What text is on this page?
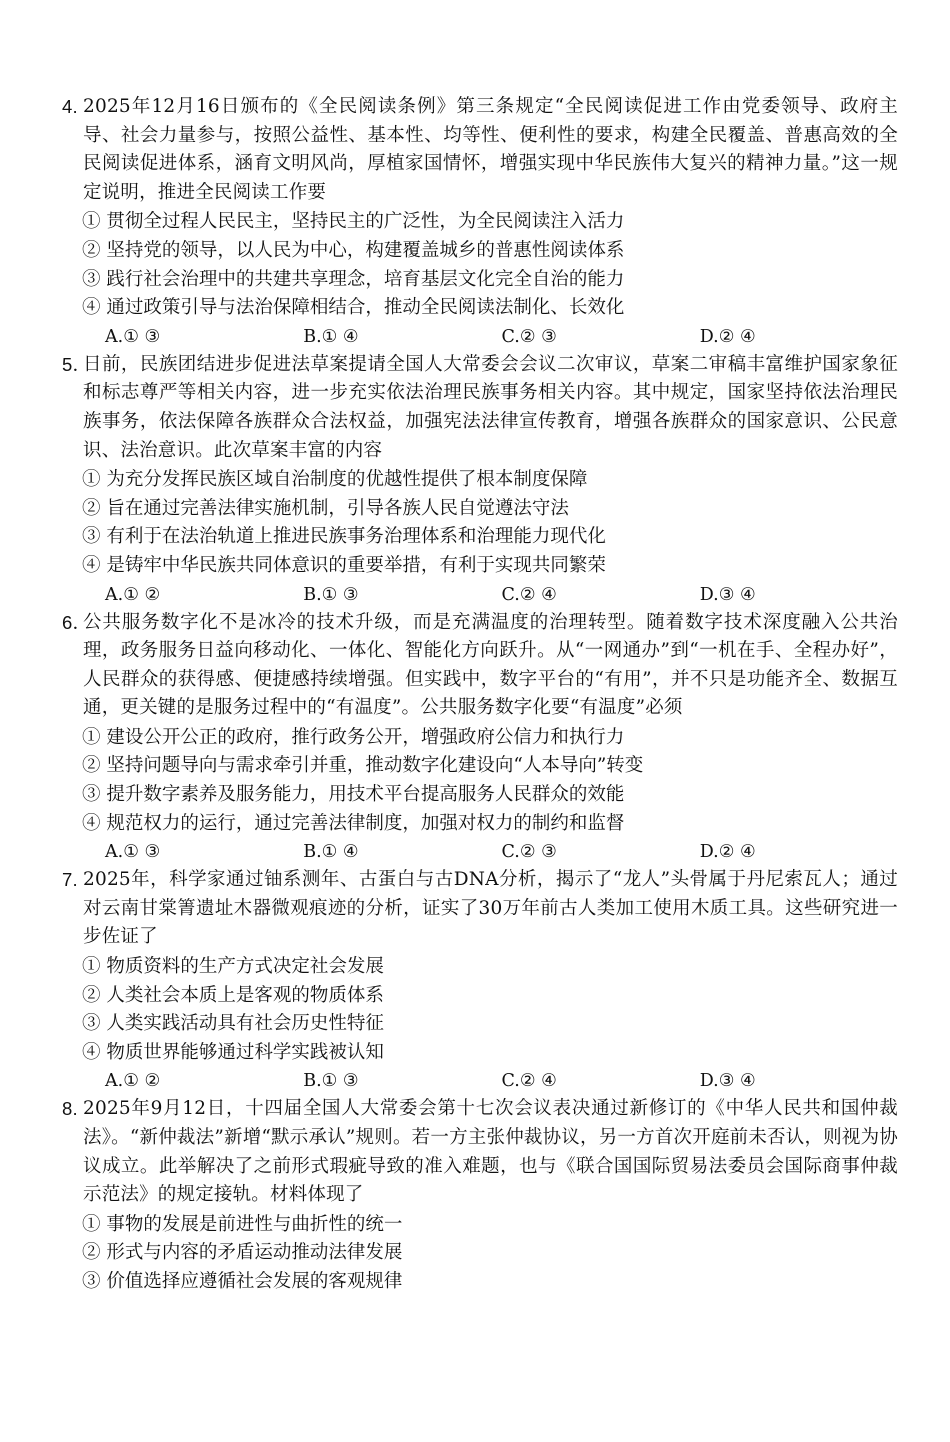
4. 2025年12月16日颁布的《全民阅读条例》第三条规定“全民阅读促进工作由党委领导、政府主导、社会力量参与，按照公益性、基本性、均等性、便利性的要求，构建全民覆盖、普惠高效的全民阅读促进体系，涵育文明风尚，厚植家国情怀，增强实现中华民族伟大复兴的精神力量。”这一规定说明，推进全民阅读工作要
① 贯彻全过程人民民主，坚持民主的广泛性，为全民阅读注入活力
② 坚持党的领导，以人民为中心，构建覆盖城乡的普惠性阅读体系
③ 践行社会治理中的共建共享理念，培育基层文化完全自治的能力
④ 通过政策引导与法治保障相结合，推动全民阅读法制化、长效化
A.① ③	B.① ④	C.② ③	D.② ④
5．
日前，民族团结进步促进法草案提请全国人大常委会会议二次审议，草案二审稿丰富维护国家象征和标志尊严等相关内容，进一步充实依法治理民族事务相关内容。其中规定，国家坚持依法治理民族事务，依法保障各族群众合法权益，加强宪法法律宣传教育，增强各族群众的国家意识、公民意识、法治意识。此次草案丰富的内容
① 为充分发挥民族区域自治制度的优越性提供了根本制度保障
② 旨在通过完善法律实施机制，引导各族人民自觉遵法守法
③ 有利于在法治轨道上推进民族事务治理体系和治理能力现代化
④ 是铸牢中华民族共同体意识的重要举措，有利于实现共同繁荣
A.① ②	B.① ③	C.② ④	D.③ ④
6．
公共服务数字化不是冰冷的技术升级，而是充满温度的治理转型。随着数字技术深度融入公共治理，政务服务日益向移动化、一体化、智能化方向跃升。从“一网通办”到“一机在手、全程办好”，人民群众的获得感、便捷感持续增强。但实践中，数字平台的“有用”，并不只是功能齐全、数据互通，更关键的是服务过程中的“有温度”。公共服务数字化要“有温度”必须
① 建设公开公正的政府，推行政务公开，增强政府公信力和执行力
② 坚持问题导向与需求牵引并重，推动数字化建设向“人本导向”转变
③ 提升数字素养及服务能力，用技术平台提高服务人民群众的效能
④ 规范权力的运行，通过完善法律制度，加强对权力的制约和监督
A.① ③	B.① ④	C.② ③	D.② ④
7. 2025年，科学家通过铀系测年、古蛋白与古DNA分析，揭示了“龙人”头骨属于丹尼索瓦人；通过对云南甘棠箐遗址木器微观痕迹的分析，证实了30万年前古人类加工使用木质工具。这些研究进一步佐证了
① 物质资料的生产方式决定社会发展
② 人类社会本质上是客观的物质体系
③ 人类实践活动具有社会历史性特征
④ 物质世界能够通过科学实践被认知
A.① ②	B.① ③	C.② ④	D.③ ④
8. 2025年9月12日，十四届全国人大常委会第十七次会议表决通过新修订的《中华人民共和国仲裁法》。“新仲裁法”新增“默示承认”规则。若一方主张仲裁协议，另一方首次开庭前未否认，则视为协议成立。此举解决了之前形式瑕疵导致的准入难题，也与《联合国国际贸易法委员会国际商事仲裁示范法》的规定接轨。材料体现了
① 事物的发展是前进性与曲折性的统一
② 形式与内容的矛盾运动推动法律发展
③ 价值选择应遵循社会发展的客观规律
